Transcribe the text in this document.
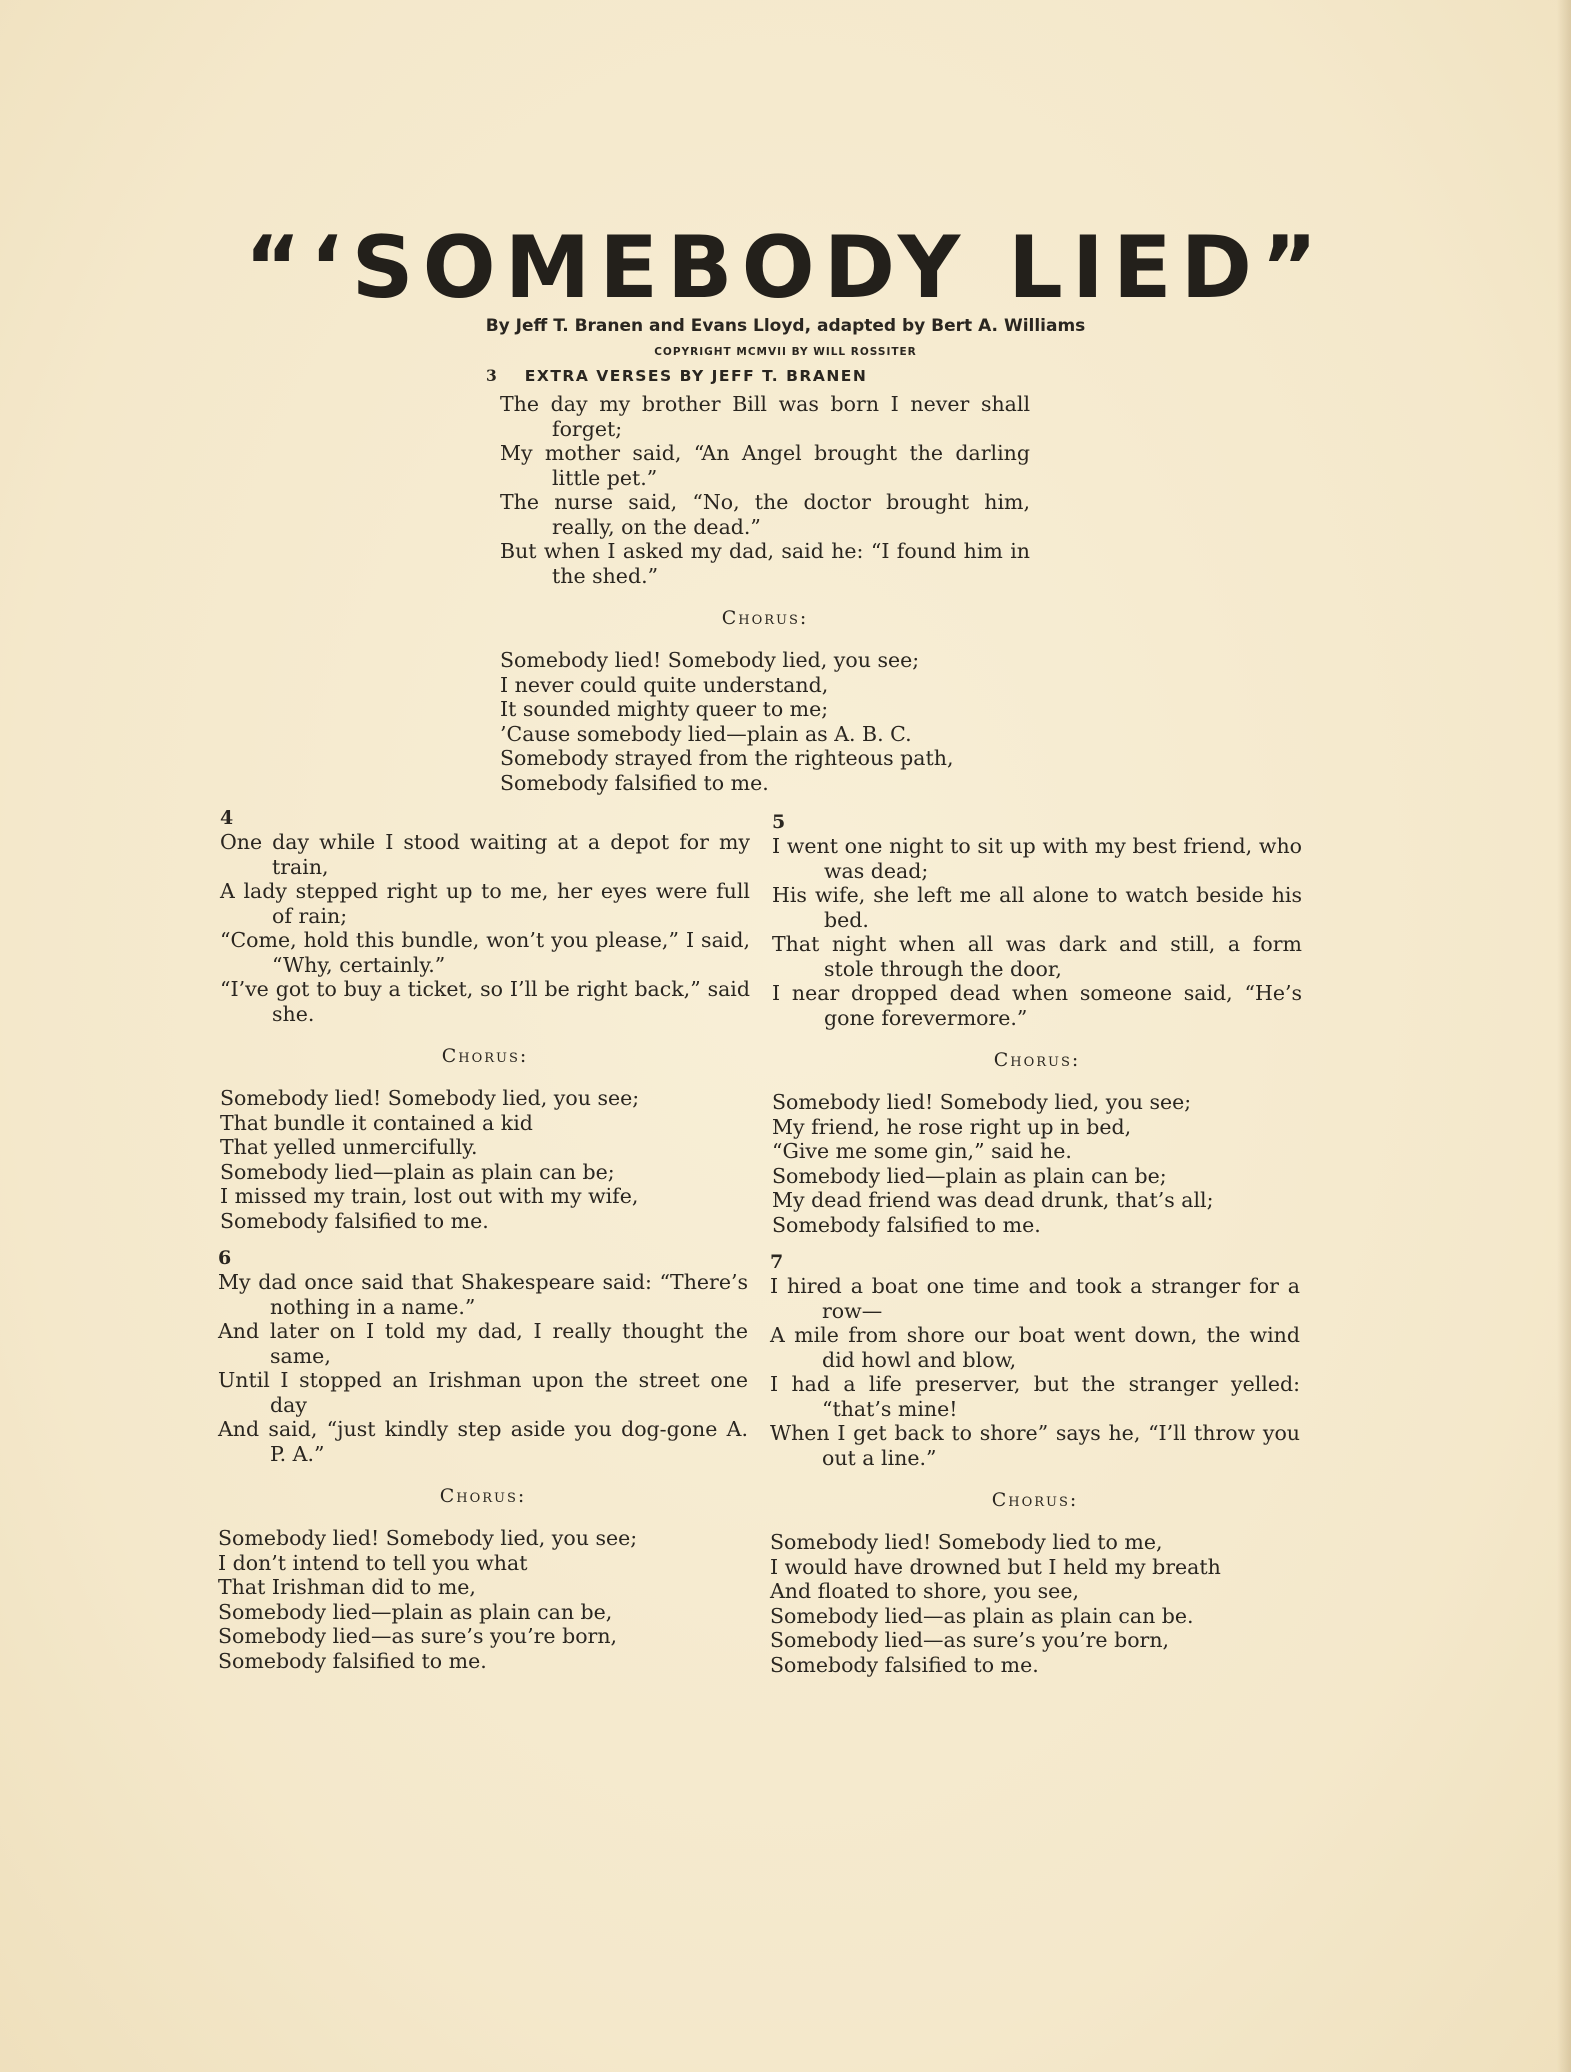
“‘SOMEBODY LIED”
By Jeff T. Branen and Evans Lloyd, adapted by Bert A. Williams
COPYRIGHT MCMVII BY WILL ROSSITER
3 EXTRA VERSES BY JEFF T. BRANEN

The day my brother Bill was born I never shall forget;

My mother said, “An Angel brought the darling little pet.”

The nurse said, “No, the doctor brought him, really, on the dead.”

But when I asked my dad, said he: “I found him in the shed.”

Chorus:

Somebody lied! Somebody lied, you see;

I never could quite understand,

It sounded mighty queer to me;

’Cause somebody lied—plain as A. B. C.

Somebody strayed from the righteous path,

Somebody falsified to me.

4

One day while I stood waiting at a depot for my train,

A lady stepped right up to me, her eyes were full of rain;

“Come, hold this bundle, won’t you please,” I said, “Why, certainly.”

“I’ve got to buy a ticket, so I’ll be right back,” said she.

Chorus:

Somebody lied! Somebody lied, you see;

That bundle it contained a kid

That yelled unmercifully.

Somebody lied—plain as plain can be;

I missed my train, lost out with my wife,

Somebody falsified to me.

5

I went one night to sit up with my best friend, who was dead;

His wife, she left me all alone to watch beside his bed.

That night when all was dark and still, a form stole through the door,

I near dropped dead when someone said, “He’s gone forevermore.”

Chorus:

Somebody lied! Somebody lied, you see;

My friend, he rose right up in bed,

“Give me some gin,” said he.

Somebody lied—plain as plain can be;

My dead friend was dead drunk, that’s all;

Somebody falsified to me.

6

My dad once said that Shakespeare said: “There’s nothing in a name.”

And later on I told my dad, I really thought the same,

Until I stopped an Irishman upon the street one day

And said, “just kindly step aside you dog-gone A. P. A.”

Chorus:

Somebody lied! Somebody lied, you see;

I don’t intend to tell you what

That Irishman did to me,

Somebody lied—plain as plain can be,

Somebody lied—as sure’s you’re born,

Somebody falsified to me.

7

I hired a boat one time and took a stranger for a row—

A mile from shore our boat went down, the wind did howl and blow,

I had a life preserver, but the stranger yelled: “that’s mine!

When I get back to shore” says he, “I’ll throw you out a line.”

Chorus:

Somebody lied! Somebody lied to me,

I would have drowned but I held my breath

And floated to shore, you see,

Somebody lied—as plain as plain can be.

Somebody lied—as sure’s you’re born,

Somebody falsified to me.
